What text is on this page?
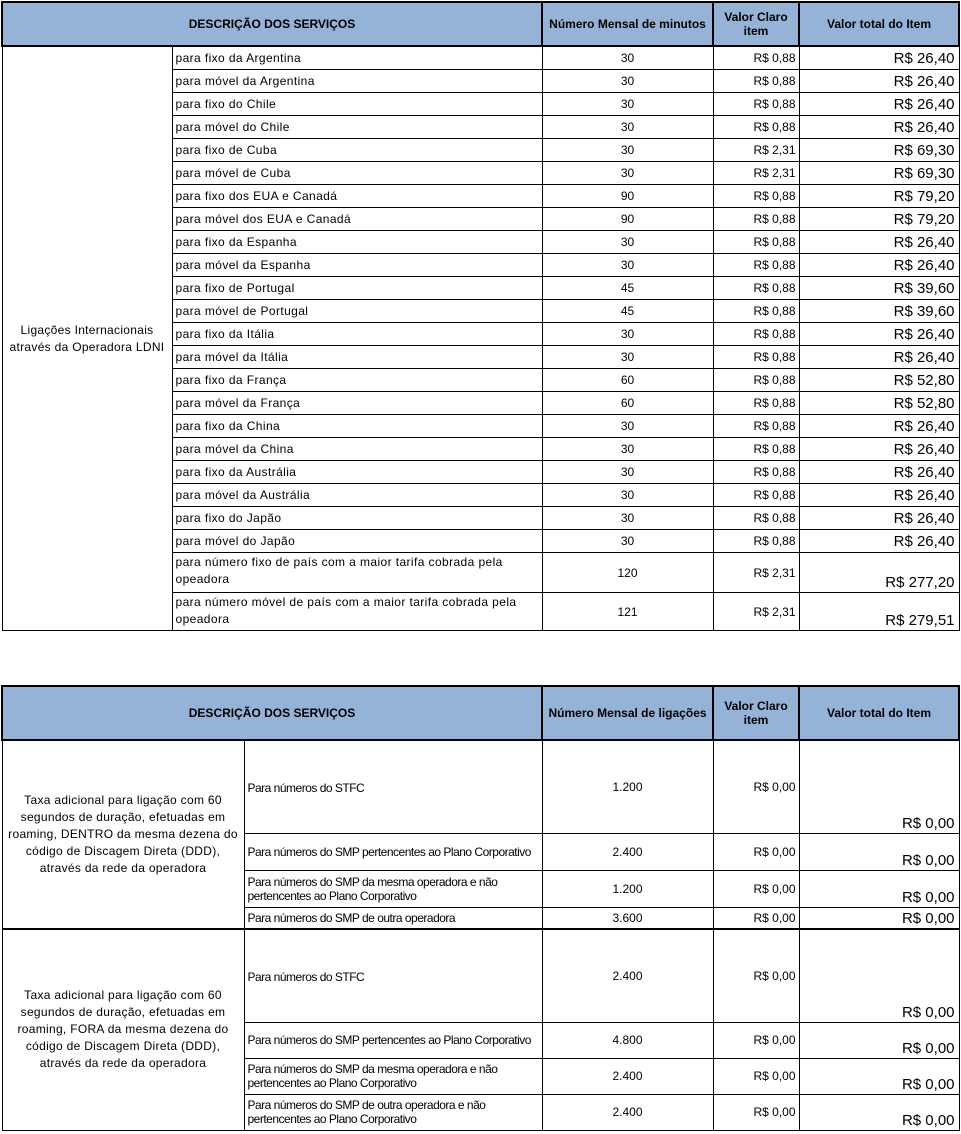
DESCRIÇÃO DOS SERVIÇOS		Número Mensal de minutos	Valor Claro item	Valor total do Item
Ligações Internacionais através da Operadora LDNI	para fixo da Argentina	30	R$ 0,88	R$ 26,40
	para móvel da Argentina	30	R$ 0,88	R$ 26,40
	para fixo do Chile	30	R$ 0,88	R$ 26,40
	para móvel do Chile	30	R$ 0,88	R$ 26,40
	para fixo de Cuba	30	R$ 2,31	R$ 69,30
	para móvel de Cuba	30	R$ 2,31	R$ 69,30
	para fixo dos EUA e Canadá	90	R$ 0,88	R$ 79,20
	para móvel dos EUA e Canadá	90	R$ 0,88	R$ 79,20
	para fixo da Espanha	30	R$ 0,88	R$ 26,40
	para móvel da Espanha	30	R$ 0,88	R$ 26,40
	para fixo de Portugal	45	R$ 0,88	R$ 39,60
	para móvel de Portugal	45	R$ 0,88	R$ 39,60
	para fixo da Itália	30	R$ 0,88	R$ 26,40
	para móvel da Itália	30	R$ 0,88	R$ 26,40
	para fixo da França	60	R$ 0,88	R$ 52,80
	para móvel da França	60	R$ 0,88	R$ 52,80
	para fixo da China	30	R$ 0,88	R$ 26,40
	para móvel da China	30	R$ 0,88	R$ 26,40
	para fixo da Austrália	30	R$ 0,88	R$ 26,40
	para móvel da Austrália	30	R$ 0,88	R$ 26,40
	para fixo do Japão	30	R$ 0,88	R$ 26,40
	para móvel do Japão	30	R$ 0,88	R$ 26,40
	para número fixo de país com a maior tarifa cobrada pela opeadora	120	R$ 2,31	R$ 277,20
	para número móvel de país com a maior tarifa cobrada pela opeadora	121	R$ 2,31	R$ 279,51
DESCRIÇÃO DOS SERVIÇOS		Número Mensal de ligações	Valor Claro item	Valor total do Item
Taxa adicional para ligação com 60 segundos de duração, efetuadas em roaming, DENTRO da mesma dezena do código de Discagem Direta (DDD), através da rede da operadora	Para números do STFC	1.200	R$ 0,00	R$ 0,00
	Para números do SMP pertencentes ao Plano Corporativo	2.400	R$ 0,00	R$ 0,00
	Para números do SMP da mesma operadora e não pertencentes ao Plano Corporativo	1.200	R$ 0,00	R$ 0,00
	Para números do SMP de outra operadora	3.600	R$ 0,00	R$ 0,00
Taxa adicional para ligação com 60 segundos de duração, efetuadas em roaming, FORA da mesma dezena do código de Discagem Direta (DDD), através da rede da operadora	Para números do STFC	2.400	R$ 0,00	R$ 0,00
	Para números do SMP pertencentes ao Plano Corporativo	4.800	R$ 0,00	R$ 0,00
	Para números do SMP da mesma operadora e não pertencentes ao Plano Corporativo	2.400	R$ 0,00	R$ 0,00
	Para números do SMP de outra operadora e não pertencentes ao Plano Corporativo	2.400	R$ 0,00	R$ 0,00
